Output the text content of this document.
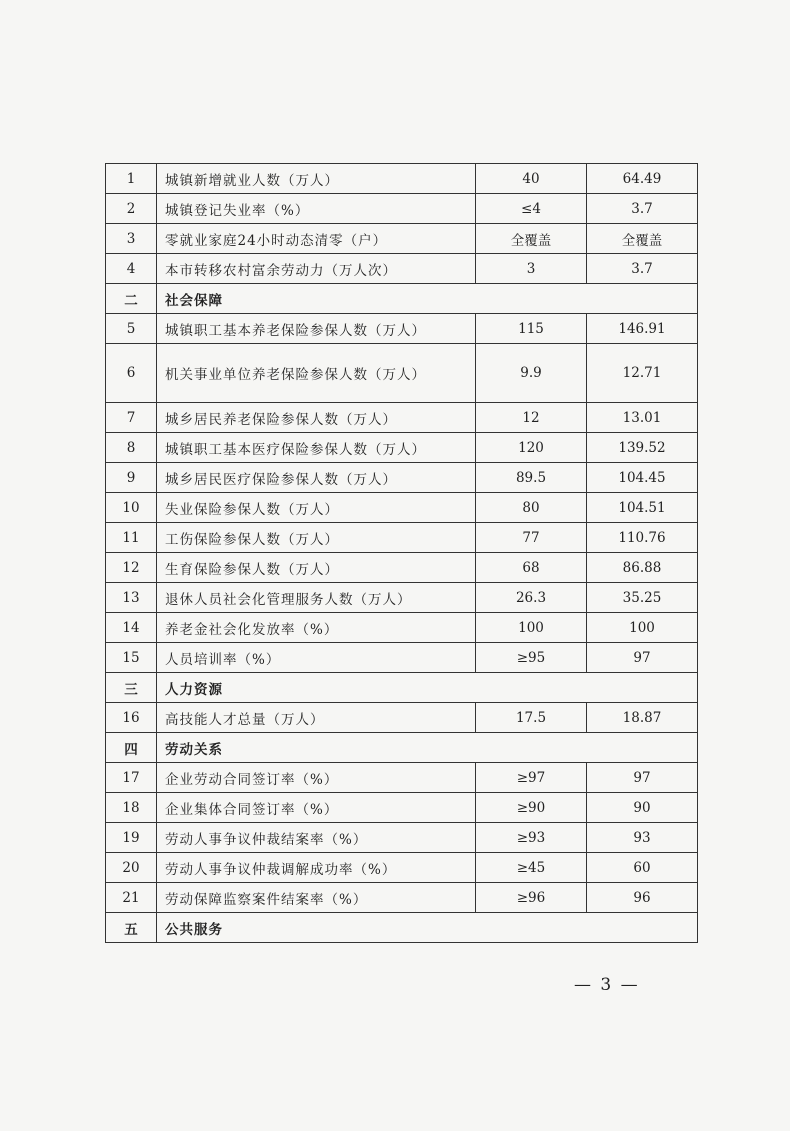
1	城镇新增就业人数（万人）	40	64.49
2	城镇登记失业率（%）	≤4	3.7
3	零就业家庭24小时动态清零（户）	全覆盖	全覆盖
4	本市转移农村富余劳动力（万人次）	3	3.7
二	社会保障		
5	城镇职工基本养老保险参保人数（万人）	115	146.91
6	机关事业单位养老保险参保人数（万人）	9.9	12.71
7	城乡居民养老保险参保人数（万人）	12	13.01
8	城镇职工基本医疗保险参保人数（万人）	120	139.52
9	城乡居民医疗保险参保人数（万人）	89.5	104.45
10	失业保险参保人数（万人）	80	104.51
11	工伤保险参保人数（万人）	77	110.76
12	生育保险参保人数（万人）	68	86.88
13	退休人员社会化管理服务人数（万人）	26.3	35.25
14	养老金社会化发放率（%）	100	100
15	人员培训率（%）	≥95	97
三	人力资源		
16	高技能人才总量（万人）	17.5	18.87
四	劳动关系		
17	企业劳动合同签订率（%）	≥97	97
18	企业集体合同签订率（%）	≥90	90
19	劳动人事争议仲裁结案率（%）	≥93	93
20	劳动人事争议仲裁调解成功率（%）	≥45	60
21	劳动保障监察案件结案率（%）	≥96	96
五	公共服务		
— 3 —
